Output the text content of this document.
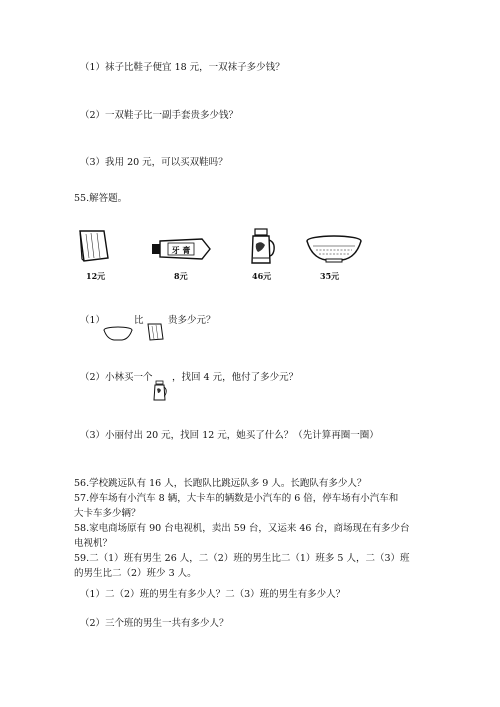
（1）袜子比鞋子便宜 18 元，一双袜子多少钱？
（2）一双鞋子比一副手套贵多少钱？
（3）我用 20 元，可以买双鞋吗？
55.解答题。
12元
牙 膏
8元	46元	35元
（1）	比	贵多少元？
（2）小林买一个 ，找回 4 元，他付了多少元？
（3）小丽付出 20 元，找回 12 元，她买了什么？（先计算再圈一圈）
56.学校跳远队有 16 人，长跑队比跳远队多 9 人。长跑队有多少人？
57.停车场有小汽车 8 辆，大卡车的辆数是小汽车的 6 倍，停车场有小汽车和
大卡车多少辆？
58.家电商场原有 90 台电视机，卖出 59 台，又运来 46 台，商场现在有多少台
电视机？
59.二（1）班有男生 26 人，二（2）班的男生比二（1）班多 5 人，二（3）班
的男生比二（2）班少 3 人。
（1）二（2）班的男生有多少人？二（3）班的男生有多少人？
（2）三个班的男生一共有多少人？
